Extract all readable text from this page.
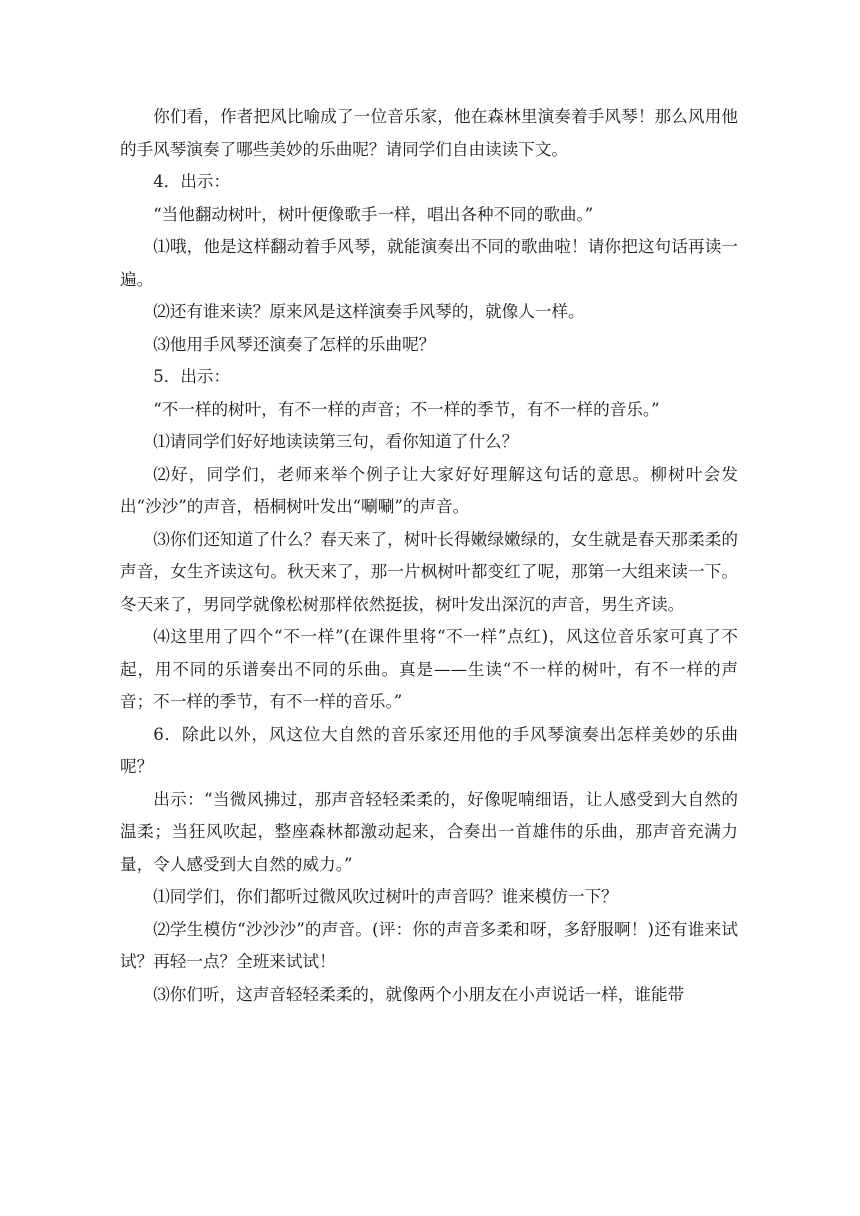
你们看，作者把风比喻成了一位音乐家，他在森林里演奏着手风琴！那么风用他的手风琴演奏了哪些美妙的乐曲呢？请同学们自由读读下文。

4．出示：

“当他翻动树叶，树叶便像歌手一样，唱出各种不同的歌曲。”

⑴哦，他是这样翻动着手风琴，就能演奏出不同的歌曲啦！请你把这句话再读一遍。

⑵还有谁来读？原来风是这样演奏手风琴的，就像人一样。

⑶他用手风琴还演奏了怎样的乐曲呢？

5．出示：

“不一样的树叶，有不一样的声音；不一样的季节，有不一样的音乐。”

⑴请同学们好好地读读第三句，看你知道了什么？

⑵好，同学们，老师来举个例子让大家好好理解这句话的意思。柳树叶会发出“沙沙”的声音，梧桐树叶发出“唰唰”的声音。

⑶你们还知道了什么？春天来了，树叶长得嫩绿嫩绿的，女生就是春天那柔柔的声音，女生齐读这句。秋天来了，那一片枫树叶都变红了呢，那第一大组来读一下。冬天来了，男同学就像松树那样依然挺拔，树叶发出深沉的声音，男生齐读。

⑷这里用了四个“不一样”(在课件里将“不一样”点红)，风这位音乐家可真了不起，用不同的乐谱奏出不同的乐曲。真是——生读“不一样的树叶，有不一样的声音；不一样的季节，有不一样的音乐。”

6．除此以外，风这位大自然的音乐家还用他的手风琴演奏出怎样美妙的乐曲呢？

出示：“当微风拂过，那声音轻轻柔柔的，好像呢喃细语，让人感受到大自然的温柔；当狂风吹起，整座森林都激动起来，合奏出一首雄伟的乐曲，那声音充满力量，令人感受到大自然的威力。”

⑴同学们，你们都听过微风吹过树叶的声音吗？谁来模仿一下？

⑵学生模仿“沙沙沙”的声音。(评：你的声音多柔和呀，多舒服啊！)还有谁来试试？再轻一点？全班来试试！

⑶你们听，这声音轻轻柔柔的，就像两个小朋友在小声说话一样，谁能带
